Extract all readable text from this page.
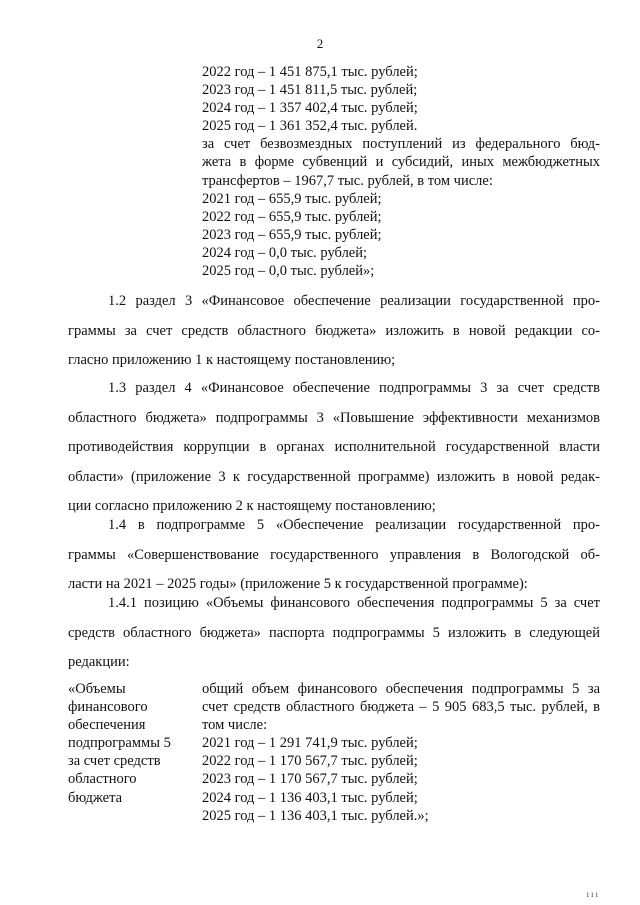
2
2022 год – 1 451 875,1 тыс. рублей;
2023 год – 1 451 811,5 тыс. рублей;
2024 год – 1 357 402,4 тыс. рублей;
2025 год – 1 361 352,4 тыс. рублей.
за счет безвозмездных поступлений из федерального бюд-
жета в форме субвенций и субсидий, иных межбюджетных
трансфертов – 1967,7 тыс. рублей, в том числе:
2021 год – 655,9 тыс. рублей;
2022 год – 655,9 тыс. рублей;
2023 год – 655,9 тыс. рублей;
2024 год – 0,0 тыс. рублей;
2025 год – 0,0 тыс. рублей»;
1.2 раздел 3 «Финансовое обеспечение реализации государственной про-
граммы за счет средств областного бюджета» изложить в новой редакции со-
гласно приложению 1 к настоящему постановлению;
1.3 раздел 4 «Финансовое обеспечение подпрограммы 3 за счет средств
областного бюджета» подпрограммы 3 «Повышение эффективности механизмов
противодействия коррупции в органах исполнительной государственной власти
области» (приложение 3 к государственной программе) изложить в новой редак-
ции согласно приложению 2 к настоящему постановлению;
1.4 в подпрограмме 5 «Обеспечение реализации государственной про-
граммы «Совершенствование государственного управления в Вологодской об-
ласти на 2021 – 2025 годы» (приложение 5 к государственной программе):
1.4.1 позицию «Объемы финансового обеспечения подпрограммы 5 за счет
средств областного бюджета» паспорта подпрограммы 5 изложить в следующей
редакции:
«Объемы
финансового
обеспечения
подпрограммы 5
за счет средств
областного
бюджета
общий объем финансового обеспечения подпрограммы 5 за
счет средств областного бюджета – 5 905 683,5 тыс. рублей, в
том числе:
2021 год – 1 291 741,9 тыс. рублей;
2022 год – 1 170 567,7 тыс. рублей;
2023 год – 1 170 567,7 тыс. рублей;
2024 год – 1 136 403,1 тыс. рублей;
2025 год – 1 136 403,1 тыс. рублей.»;
ııı
